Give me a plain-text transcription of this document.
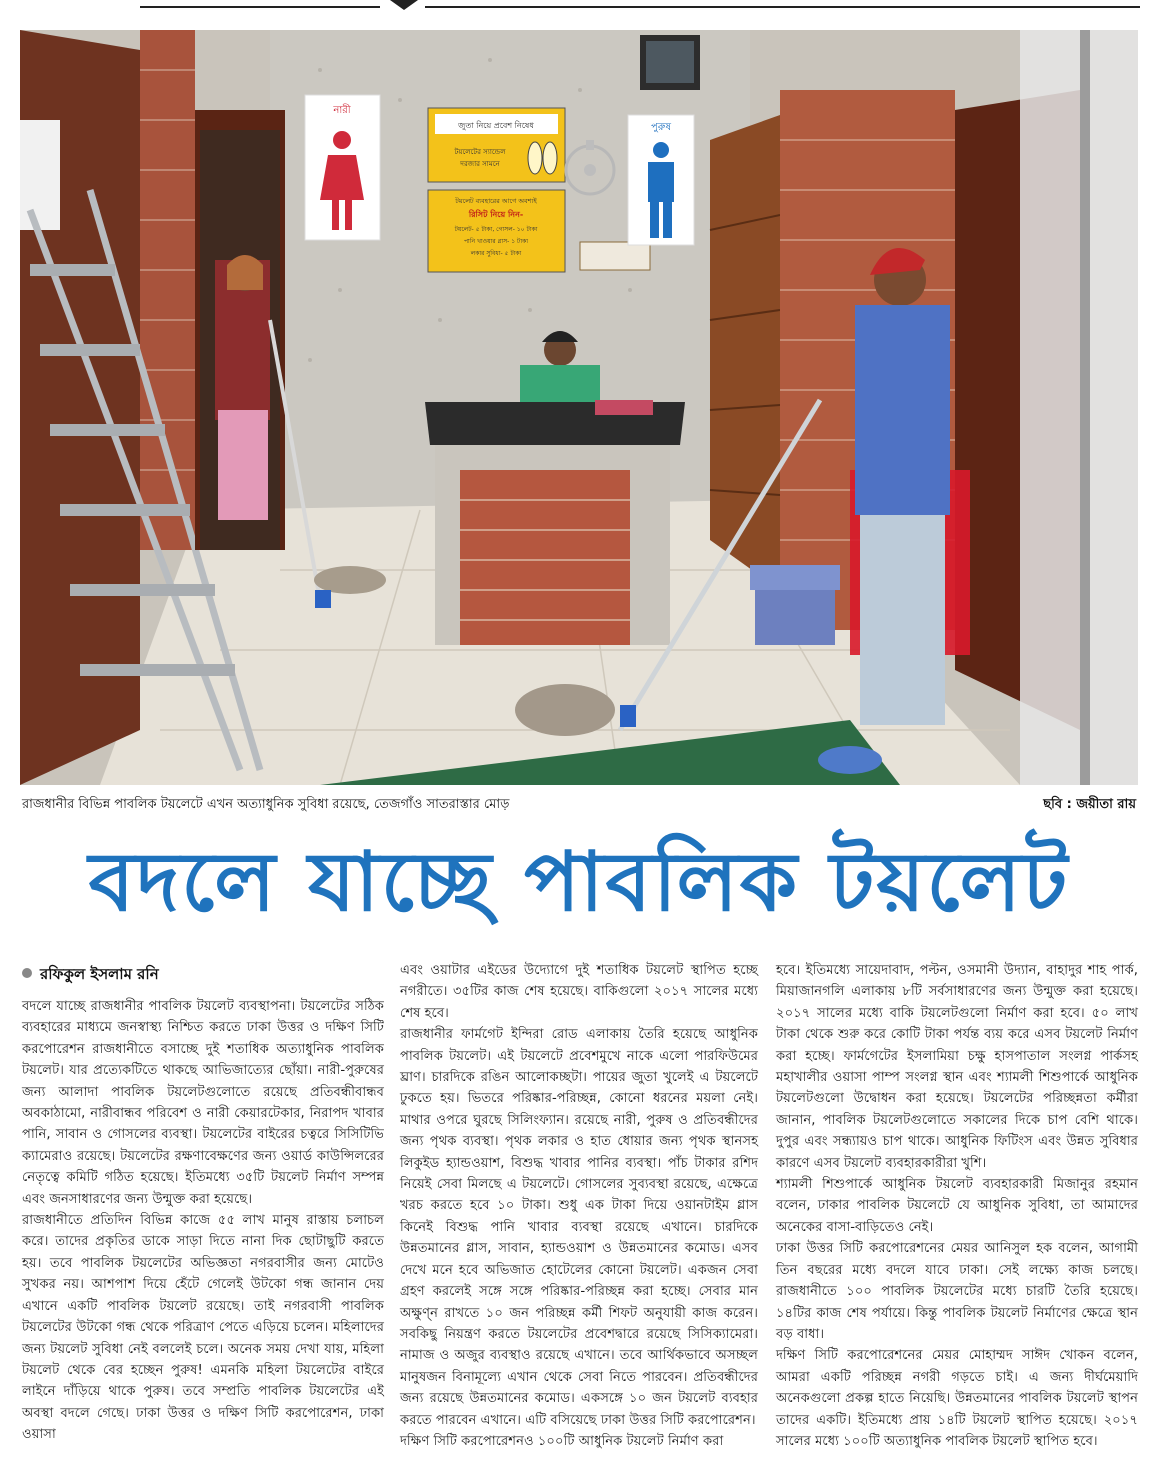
নারী
জুতা নিয়ে প্রবেশ নিষেধ
টয়লেটের স্যান্ডেল
দরজার সামনে
টয়লেট ব্যবহারের আগে অবশ্যই
রিসিট নিয়ে নিন-
টয়লেট- ৫ টাকা, গোসল- ১০ টাকা
পানি খাওয়ার গ্লাস- ১ টাকা
লকার সুবিধা- ৫ টাকা
পুরুষ
রাজধানীর বিভিন্ন পাবলিক টয়লেটে এখন অত্যাধুনিক সুবিধা রয়েছে, তেজগাঁও সাতরাস্তার মোড়	ছবি : জয়ীতা রায়
বদলে যাচ্ছে পাবলিক টয়লেট
রফিকুল ইসলাম রনি

বদলে যাচ্ছে রাজধানীর পাবলিক টয়লেট ব্যবস্থাপনা। টয়লেটের সঠিক ব্যবহারের মাধ্যমে জনস্বাস্থ্য নিশ্চিত করতে ঢাকা উত্তর ও দক্ষিণ সিটি করপোরেশন রাজধানীতে বসাচ্ছে দুই শতাধিক অত্যাধুনিক পাবলিক টয়লেট। যার প্রত্যেকটিতে থাকছে আভিজাত্যের ছোঁয়া। নারী-পুরুষের জন্য আলাদা পাবলিক টয়লেটগুলোতে রয়েছে প্রতিবন্ধীবান্ধব অবকাঠামো, নারীবান্ধব পরিবেশ ও নারী কেয়ারটেকার, নিরাপদ খাবার পানি, সাবান ও গোসলের ব্যবস্থা। টয়লেটের বাইরের চত্বরে সিসিটিভি ক্যামেরাও রয়েছে। টয়লেটের রক্ষণাবেক্ষণের জন্য ওয়ার্ড কাউন্সিলরের নেতৃত্বে কমিটি গঠিত হয়েছে। ইতিমধ্যে ৩৫টি টয়লেট নির্মাণ সম্পন্ন এবং জনসাধারণের জন্য উন্মুক্ত করা হয়েছে।

রাজধানীতে প্রতিদিন বিভিন্ন কাজে ৫৫ লাখ মানুষ রাস্তায় চলাচল করে। তাদের প্রকৃতির ডাকে সাড়া দিতে নানা দিক ছোটাছুটি করতে হয়। তবে পাবলিক টয়লেটের অভিজ্ঞতা নগরবাসীর জন্য মোটেও সুখকর নয়। আশপাশ দিয়ে হেঁটে গেলেই উটকো গন্ধ জানান দেয় এখানে একটি পাবলিক টয়লেট রয়েছে। তাই নগরবাসী পাবলিক টয়লেটের উটকো গন্ধ থেকে পরিত্রাণ পেতে এড়িয়ে চলেন। মহিলাদের জন্য টয়লেট সুবিধা নেই বললেই চলে। অনেক সময় দেখা যায়, মহিলা টয়লেট থেকে বের হচ্ছেন পুরুষ! এমনকি মহিলা টয়লেটের বাইরে লাইনে দাঁড়িয়ে থাকে পুরুষ। তবে সম্প্রতি পাবলিক টয়লেটের এই অবস্থা বদলে গেছে। ঢাকা উত্তর ও দক্ষিণ সিটি করপোরেশন, ঢাকা ওয়াসা

এবং ওয়াটার এইডের উদ্যোগে দুই শতাধিক টয়লেট স্থাপিত হচ্ছে নগরীতে। ৩৫টির কাজ শেষ হয়েছে। বাকিগুলো ২০১৭ সালের মধ্যে শেষ হবে।

রাজধানীর ফার্মগেট ইন্দিরা রোড এলাকায় তৈরি হয়েছে আধুনিক পাবলিক টয়লেট। এই টয়লেটে প্রবেশমুখে নাকে এলো পারফিউমের ঘ্রাণ। চারদিকে রঙিন আলোকচ্ছটা। পায়ের জুতা খুলেই এ টয়লেটে ঢুকতে হয়। ভিতরে পরিষ্কার-পরিচ্ছন্ন, কোনো ধরনের ময়লা নেই। মাথার ওপরে ঘুরছে সিলিংফ্যান। রয়েছে নারী, পুরুষ ও প্রতিবন্ধীদের জন্য পৃথক ব্যবস্থা। পৃথক লকার ও হাত ধোয়ার জন্য পৃথক স্থানসহ লিকুইড হ্যান্ডওয়াশ, বিশুদ্ধ খাবার পানির ব্যবস্থা। পাঁচ টাকার রশিদ নিয়েই সেবা মিলছে এ টয়লেটে। গোসলের সুব্যবস্থা রয়েছে, এক্ষেত্রে খরচ করতে হবে ১০ টাকা। শুধু এক টাকা দিয়ে ওয়ানটাইম গ্লাস কিনেই বিশুদ্ধ পানি খাবার ব্যবস্থা রয়েছে এখানে। চারদিকে উন্নতমানের গ্লাস, সাবান, হ্যান্ডওয়াশ ও উন্নতমানের কমোড। এসব দেখে মনে হবে অভিজাত হোটেলের কোনো টয়লেট। একজন সেবা গ্রহণ করলেই সঙ্গে সঙ্গে পরিষ্কার-পরিচ্ছন্ন করা হচ্ছে। সেবার মান অক্ষুণ্ন রাখতে ১০ জন পরিচ্ছন্ন কর্মী শিফট অনুযায়ী কাজ করেন। সবকিছু নিয়ন্ত্রণ করতে টয়লেটের প্রবেশদ্বারে রয়েছে সিসিক্যামেরা। নামাজ ও অজুর ব্যবস্থাও রয়েছে এখানে। তবে আর্থিকভাবে অসচ্ছল মানুষজন বিনামূল্যে এখান থেকে সেবা নিতে পারবেন। প্রতিবন্ধীদের জন্য রয়েছে উন্নতমানের কমোড। একসঙ্গে ১০ জন টয়লেট ব্যবহার করতে পারবেন এখানে। এটি বসিয়েছে ঢাকা উত্তর সিটি করপোরেশন।

দক্ষিণ সিটি করপোরেশনও ১০০টি আধুনিক টয়লেট নির্মাণ করা

হবে। ইতিমধ্যে সায়েদাবাদ, পল্টন, ওসমানী উদ্যান, বাহাদুর শাহ পার্ক, মিয়াজানগলি এলাকায় ৮টি সর্বসাধারণের জন্য উন্মুক্ত করা হয়েছে। ২০১৭ সালের মধ্যে বাকি টয়লেটগুলো নির্মাণ করা হবে। ৫০ লাখ টাকা থেকে শুরু করে কোটি টাকা পর্যন্ত ব্যয় করে এসব টয়লেট নির্মাণ করা হচ্ছে। ফার্মগেটের ইসলামিয়া চক্ষু হাসপাতাল সংলগ্ন পার্কসহ মহাখালীর ওয়াসা পাম্প সংলগ্ন স্থান এবং শ্যামলী শিশুপার্কে আধুনিক টয়লেটগুলো উদ্বোধন করা হয়েছে। টয়লেটের পরিচ্ছন্নতা কর্মীরা জানান, পাবলিক টয়লেটগুলোতে সকালের দিকে চাপ বেশি থাকে। দুপুর এবং সন্ধ্যায়ও চাপ থাকে। আধুনিক ফিটিংস এবং উন্নত সুবিধার কারণে এসব টয়লেট ব্যবহারকারীরা খুশি।

শ্যামলী শিশুপার্কে আধুনিক টয়লেট ব্যবহারকারী মিজানুর রহমান বলেন, ঢাকার পাবলিক টয়লেটে যে আধুনিক সুবিধা, তা আমাদের অনেকের বাসা-বাড়িতেও নেই।

ঢাকা উত্তর সিটি করপোরেশনের মেয়র আনিসুল হক বলেন, আগামী তিন বছরের মধ্যে বদলে যাবে ঢাকা। সেই লক্ষ্যে কাজ চলছে। রাজধানীতে ১০০ পাবলিক টয়লেটের মধ্যে চারটি তৈরি হয়েছে। ১৪টির কাজ শেষ পর্যায়ে। কিন্তু পাবলিক টয়লেট নির্মাণের ক্ষেত্রে স্থান বড় বাধা।

দক্ষিণ সিটি করপোরেশনের মেয়র মোহাম্মদ সাঈদ খোকন বলেন, আমরা একটি পরিচ্ছন্ন নগরী গড়তে চাই। এ জন্য দীর্ঘমেয়াদি অনেকগুলো প্রকল্প হাতে নিয়েছি। উন্নতমানের পাবলিক টয়লেট স্থাপন তাদের একটি। ইতিমধ্যে প্রায় ১৪টি টয়লেট স্থাপিত হয়েছে। ২০১৭ সালের মধ্যে ১০০টি অত্যাধুনিক পাবলিক টয়লেট স্থাপিত হবে।
